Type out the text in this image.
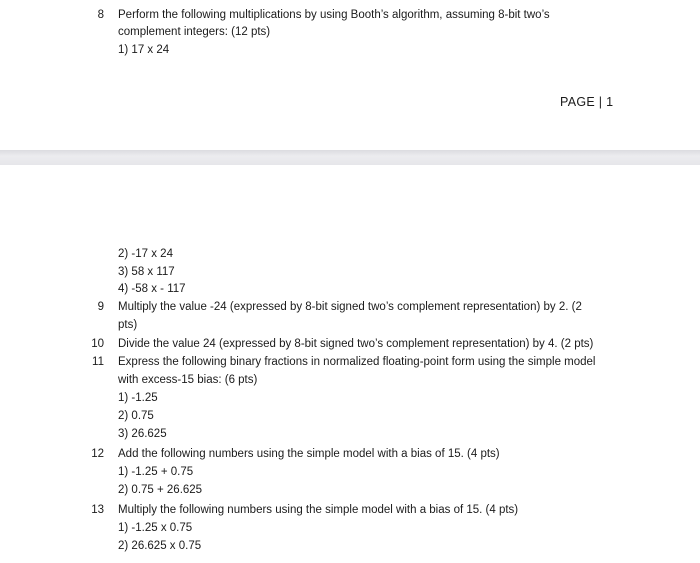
8 Perform the following multiplications by using Booth’s algorithm, assuming 8-bit two’s
complement integers: (12 pts)
1) 17 x 24
PAGE | 1
2) -17 x 24
3) 58 x 117
4) -58 x - 117
9 Multiply the value -24 (expressed by 8-bit signed two’s complement representation) by 2. (2
pts)
10 Divide the value 24 (expressed by 8-bit signed two’s complement representation) by 4. (2 pts)
11 Express the following binary fractions in normalized floating-point form using the simple model
with excess-15 bias: (6 pts)
1) -1.25
2) 0.75
3) 26.625
12 Add the following numbers using the simple model with a bias of 15. (4 pts)
1) -1.25 + 0.75
2) 0.75 + 26.625
13 Multiply the following numbers using the simple model with a bias of 15. (4 pts)
1) -1.25 x 0.75
2) 26.625 x 0.75
